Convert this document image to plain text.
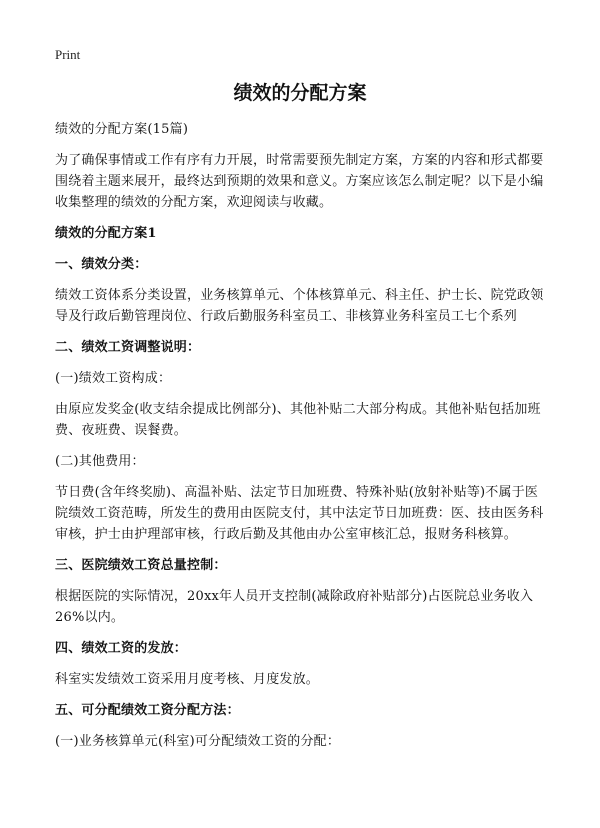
Print
绩效的分配方案

绩效的分配方案(15篇)

为了确保事情或工作有序有力开展，时常需要预先制定方案，方案的内容和形式都要围绕着主题来展开，最终达到预期的效果和意义。方案应该怎么制定呢？以下是小编收集整理的绩效的分配方案，欢迎阅读与收藏。

绩效的分配方案1

一、绩效分类：

绩效工资体系分类设置，业务核算单元、个体核算单元、科主任、护士长、院党政领导及行政后勤管理岗位、行政后勤服务科室员工、非核算业务科室员工七个系列

二、绩效工资调整说明：

(一)绩效工资构成：

由原应发奖金(收支结余提成比例部分)、其他补贴二大部分构成。其他补贴包括加班费、夜班费、误餐费。

(二)其他费用：

节日费(含年终奖励)、高温补贴、法定节日加班费、特殊补贴(放射补贴等)不属于医院绩效工资范畴，所发生的费用由医院支付，其中法定节日加班费：医、技由医务科审核，护士由护理部审核，行政后勤及其他由办公室审核汇总，报财务科核算。

三、医院绩效工资总量控制：

根据医院的实际情况，20xx年人员开支控制(减除政府补贴部分)占医院总业务收入26%以内。

四、绩效工资的发放：

科室实发绩效工资采用月度考核、月度发放。

五、可分配绩效工资分配方法：

(一)业务核算单元(科室)可分配绩效工资的分配：
